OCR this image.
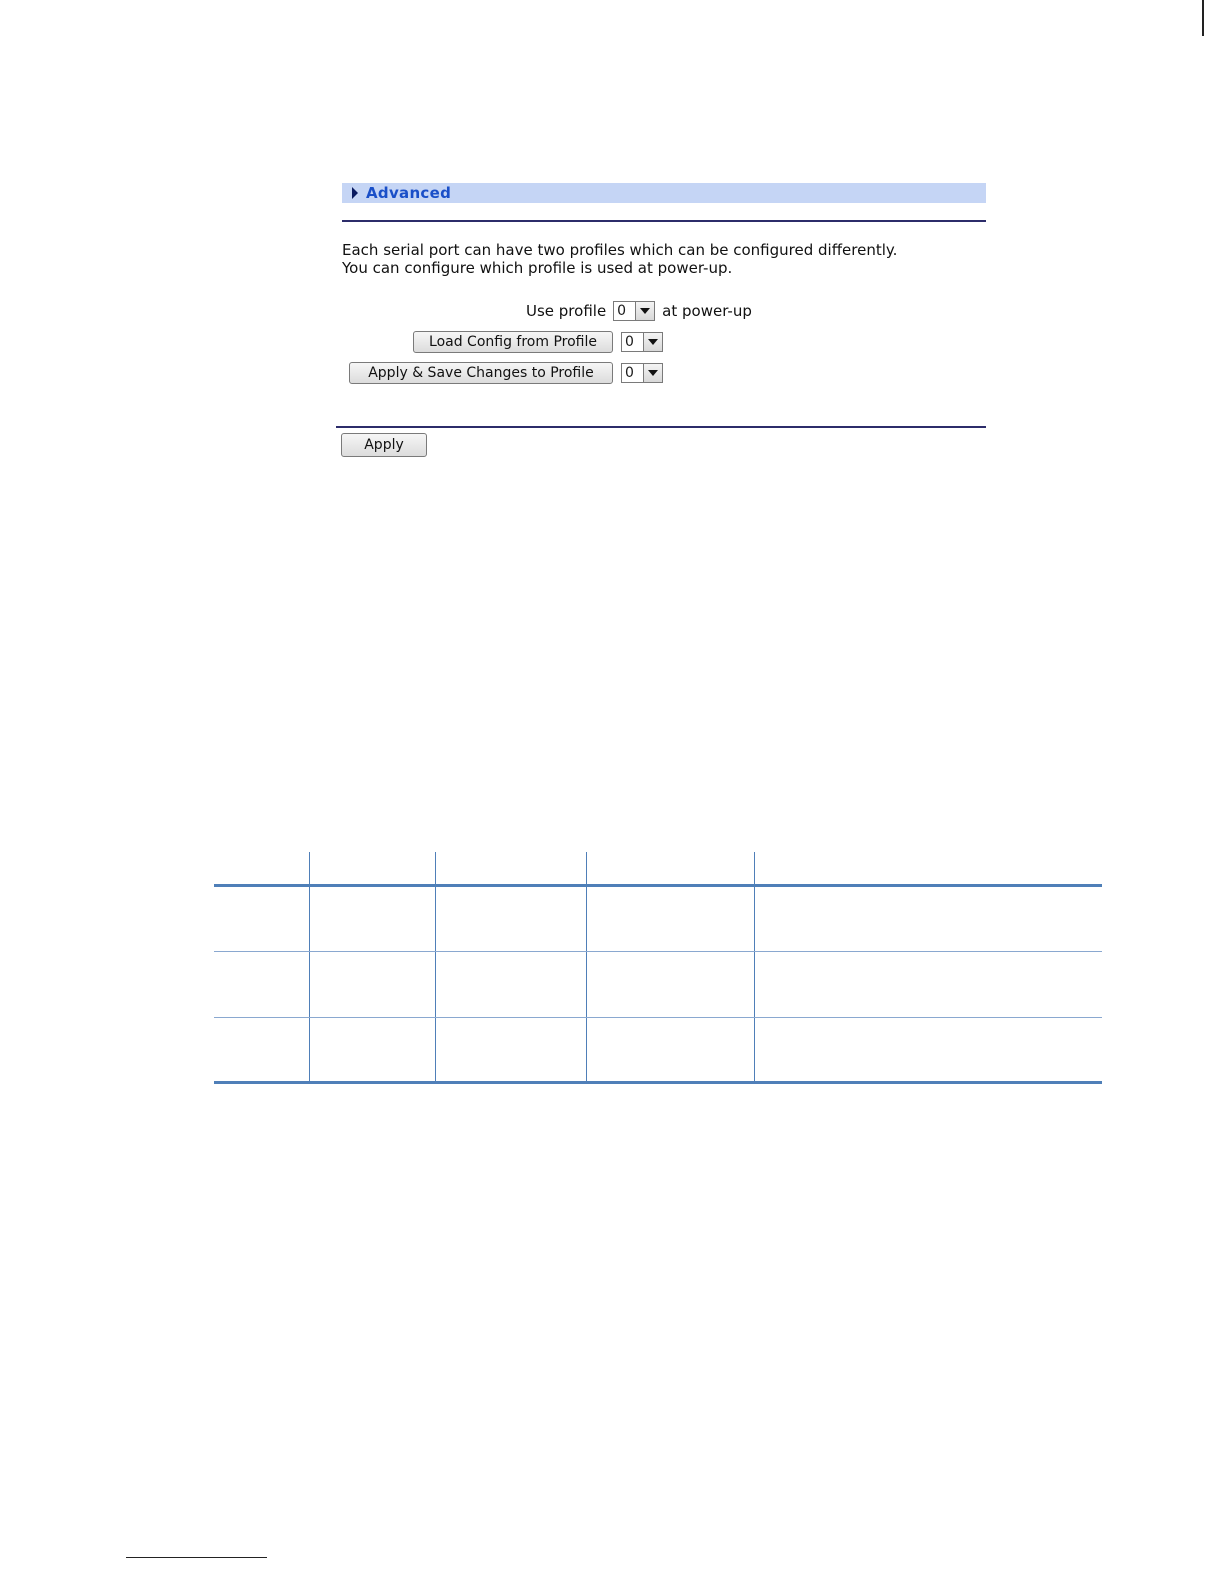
Advanced
Each serial port can have two profiles which can be configured differently.
You can configure which profile is used at power-up.
Use profile 0	at power-up
Load Config from Profile	0
Apply & Save Changes to Profile	0
Apply
